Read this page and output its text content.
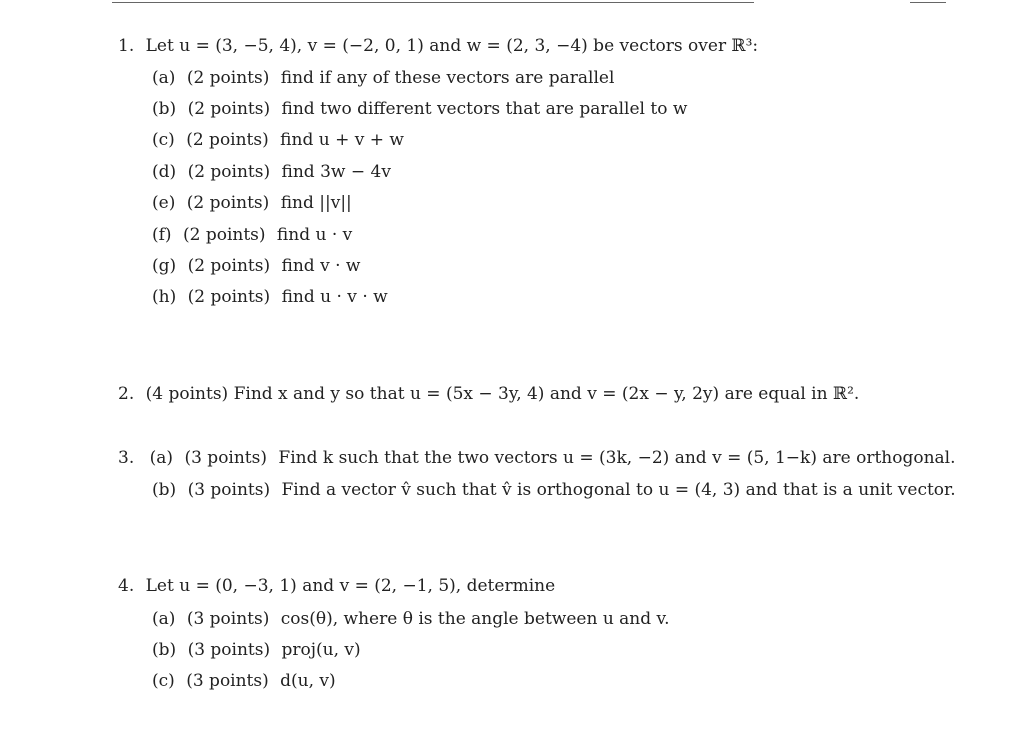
1. Let u = (3, −5, 4), v = (−2, 0, 1) and w = (2, 3, −4) be vectors over ℝ³:
(a) (2 points) find if any of these vectors are parallel
(b) (2 points) find two different vectors that are parallel to w
(c) (2 points) find u + v + w
(d) (2 points) find 3w − 4v
(e) (2 points) find ||v||
(f) (2 points) find u · v
(g) (2 points) find v · w
(h) (2 points) find u · v · w
2. (4 points) Find x and y so that u = (5x − 3y, 4) and v = (2x − y, 2y) are equal in ℝ².
3. (a) (3 points) Find k such that the two vectors u = (3k, −2) and v = (5, 1−k) are orthogonal.
(b) (3 points) Find a vector v̂ such that v̂ is orthogonal to u = (4, 3) and that is a unit vector.
4. Let u = (0, −3, 1) and v = (2, −1, 5), determine
(a) (3 points) cos(θ), where θ is the angle between u and v.
(b) (3 points) proj(u, v)
(c) (3 points) d(u, v)
